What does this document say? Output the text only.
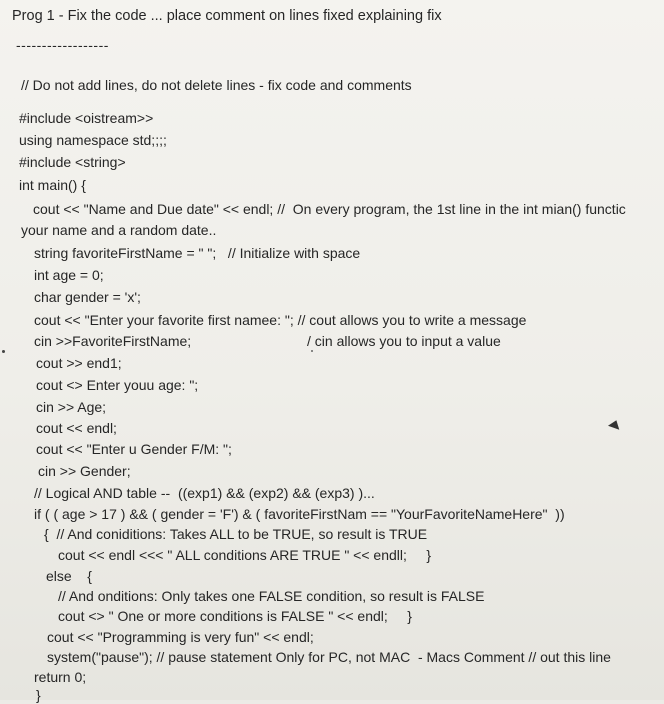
Prog 1 - Fix the code ... place comment on lines fixed explaining fix
------------------
// Do not add lines, do not delete lines - fix code and comments
#include <oistream>>
using namespace std;;;;
#include <string>
int main() {
cout << "Name and Due date" << endl; //  On every program, the 1st line in the int mian() functic
your name and a random date..
string favoriteFirstName = " ";   // Initialize with space
int age = 0;
char gender = 'x';
cout << "Enter your favorite first namee: "; // cout allows you to write a message
cin >>FavoriteFirstName;	/ cin allows you to input a value
cout >> end1;
cout <> Enter youu age: ";
cin >> Age;
cout << endl;
cout << "Enter u Gender F/M: ";
cin >> Gender;
// Logical AND table --  ((exp1) && (exp2) && (exp3) )...
if ( ( age > 17 ) && ( gender = 'F') & ( favoriteFirstNam == "YourFavoriteNameHere"  ))
{  // And coniditions: Takes ALL to be TRUE, so result is TRUE
cout << endl <<< " ALL conditions ARE TRUE " << endll;     }
else    {
// And onditions: Only takes one FALSE condition, so result is FALSE
cout <> " One or more conditions is FALSE " << endl;     }
cout << "Programming is very fun" << endl;
system("pause"); // pause statement Only for PC, not MAC  - Macs Comment // out this line
return 0;
}
